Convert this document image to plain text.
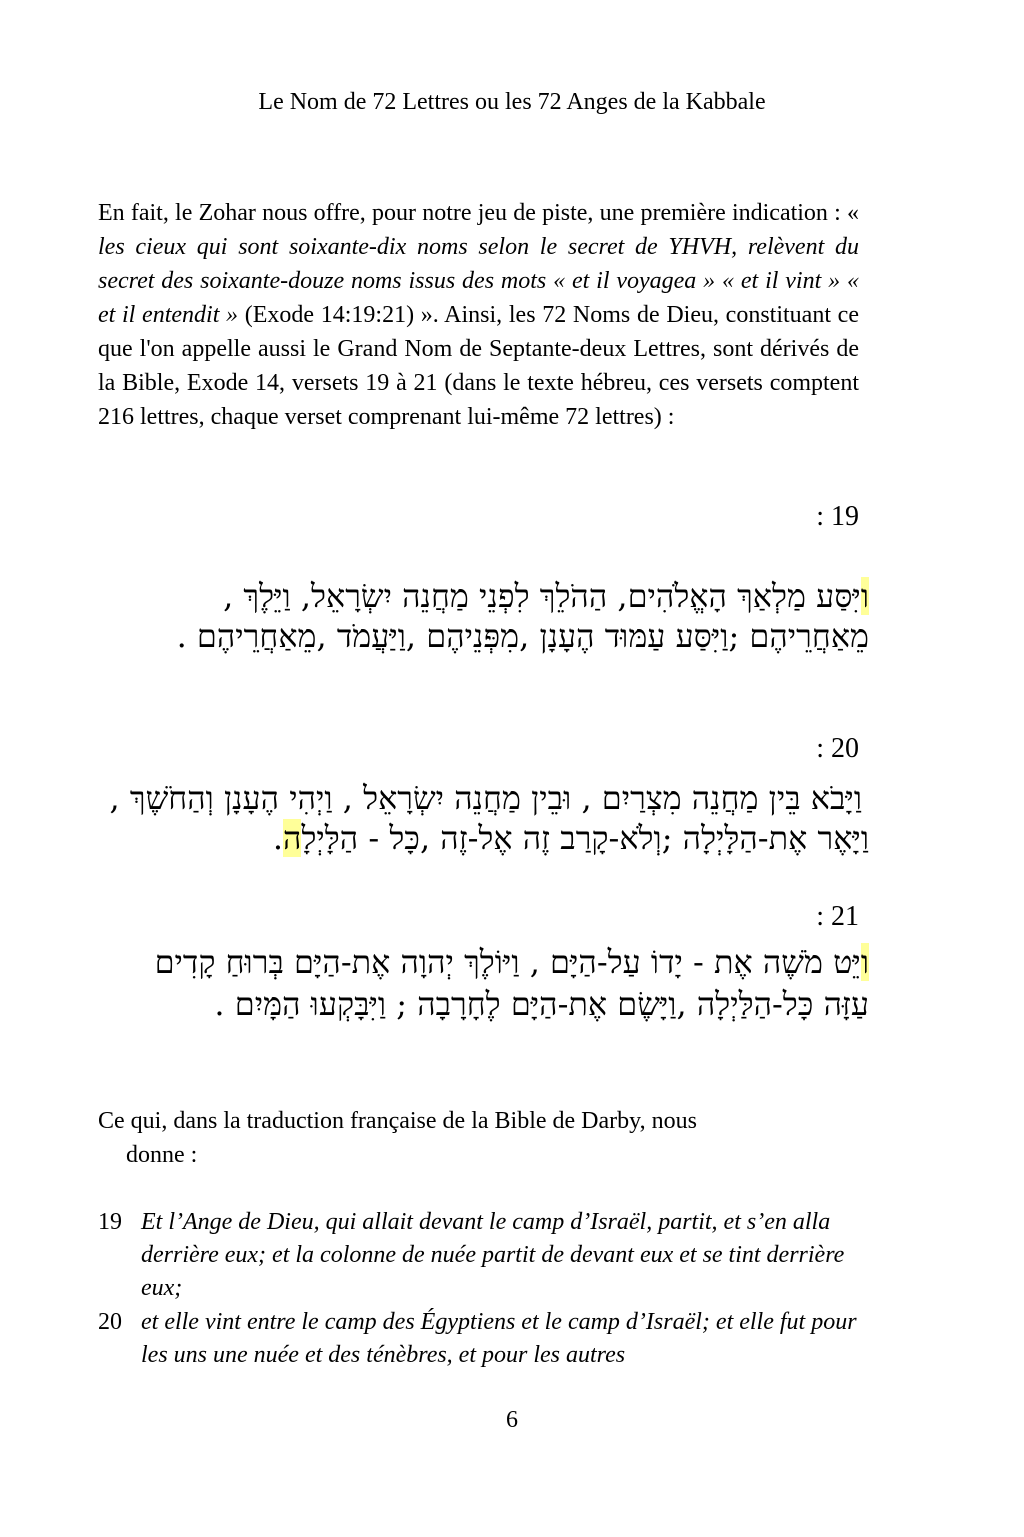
Le Nom de 72 Lettres ou les 72 Anges de la Kabbale
En fait, le Zohar nous offre, pour notre jeu de piste, une première indication : « les cieux qui sont soixante-dix noms selon le secret de YHVH, relèvent du secret des soixante-douze noms issus des mots « et il voyagea » « et il vint » « et il entendit » (Exode 14:19:21) ». Ainsi, les 72 Noms de Dieu, constituant ce que l'on appelle aussi le Grand Nom de Septante-deux Lettres, sont dérivés de la Bible, Exode 14, versets 19 à 21 (dans le texte hébreu, ces versets comptent 216 lettres, chaque verset comprenant lui-même 72 lettres) :
: 19
ויִּסַּע מַלְאַךְ הָאֱלֹהִים, הַהֹלֵךְ לִפְנֵי מַחֲנֵה יִשְׂרָאֵל, וַיֵּלֶךְ ,
מֵאַחֲרֵיהֶם ;וַיִּסַּע עַמּוּד הֶעָנָן ,מִפְּנֵיהֶם ,וַיַּעֲמֹד ,מֵאַחֲרֵיהֶם .
: 20
וַיָּבֹא בֵּין מַחֲנֵה מִצְרַיִם , וּבֵין מַחֲנֵה יִשְׂרָאֵל , וַיְהִי הֶעָנָן וְהַחֹשֶׁךְ ,
וַיָּאֶר אֶת-הַלָּיְלָה ;וְלֹא-קָרַב זֶה אֶל-זֶה ,כָּל - הַלָּיְלָה.
: 21
ויֵּט מֹשֶׁה אֶת - יָדוֹ עַל-הַיָּם , וַיּוֹלֶךְ יְהוָה אֶת-הַיָּם בְּרוּחַ קָדִים
עַזָּה כָּל-הַלַּיְלָה ,וַיָּשֶׂם אֶת-הַיָּם לֶחָרָבָה ; וַיִּבָּקְעוּ הַמָּיִם .
Ce qui, dans la traduction française de la Bible de Darby, nous
donne :
19 Et l’Ange de Dieu, qui allait devant le camp d’Israël, partit, et s’en alla derrière eux; et la colonne de nuée partit de devant eux et se tint derrière eux;
20 et elle vint entre le camp des Égyptiens et le camp d’Israël; et elle fut pour les uns une nuée et des ténèbres, et pour les autres
6
